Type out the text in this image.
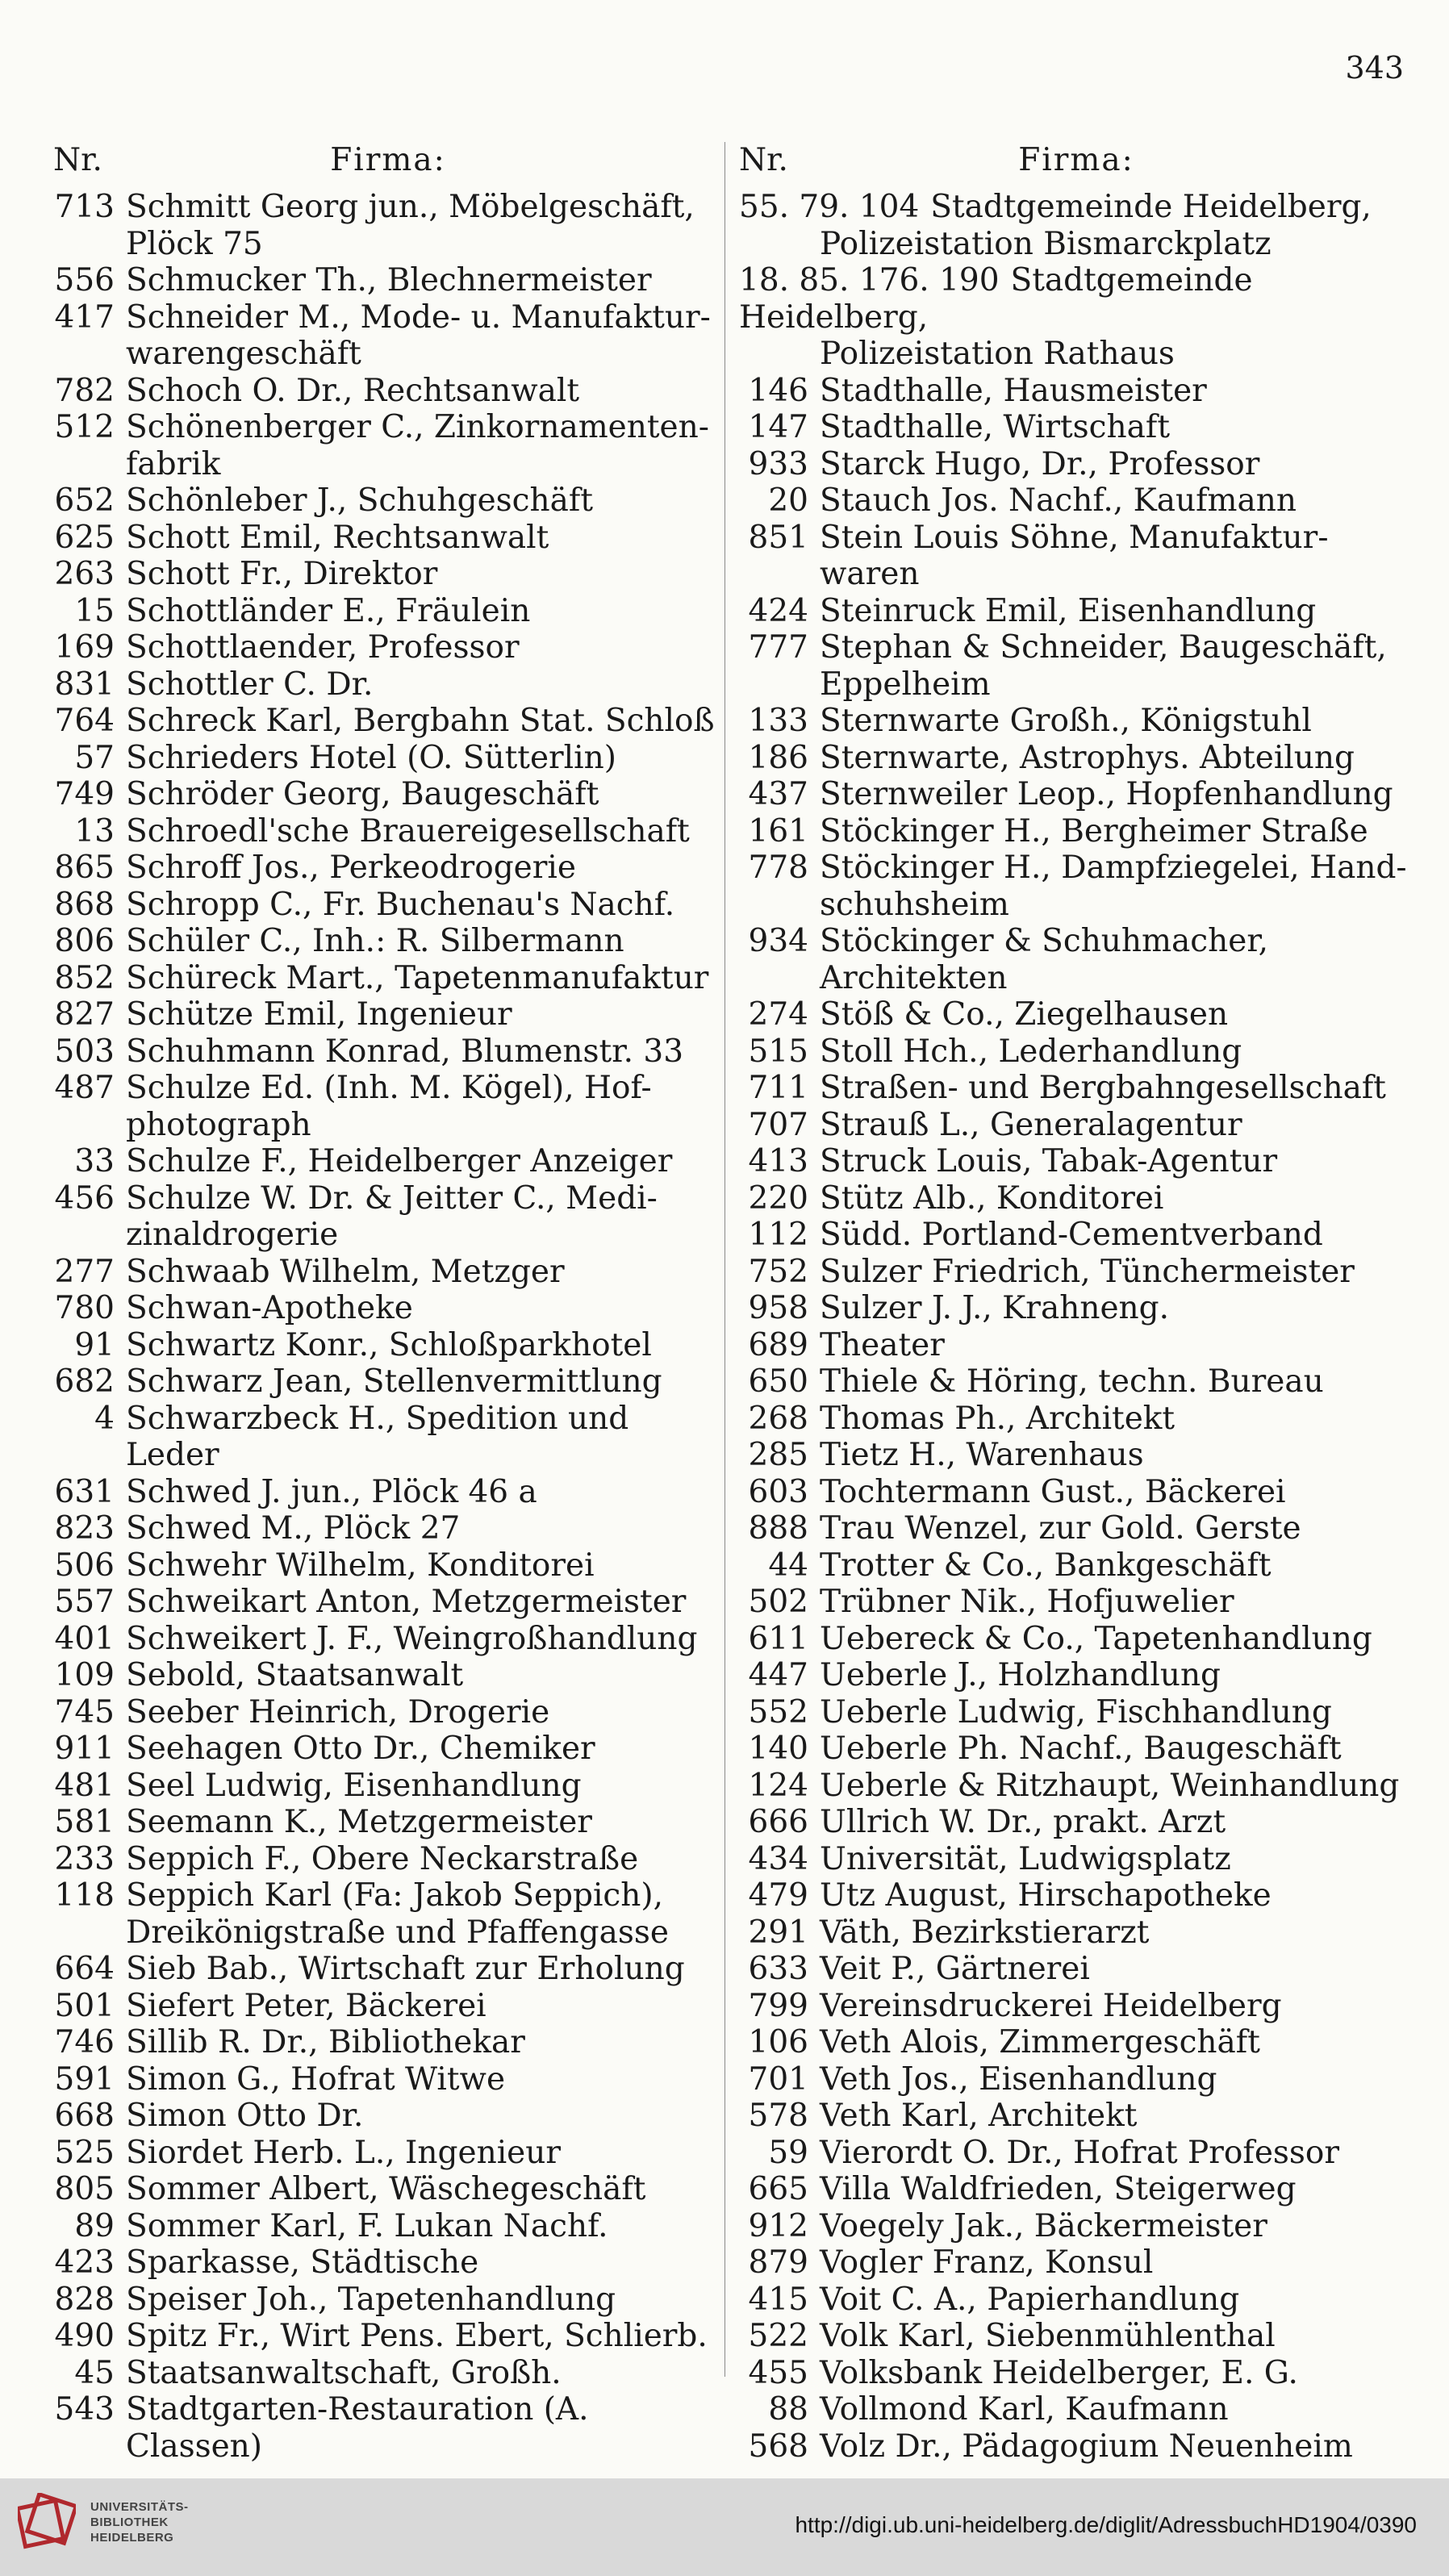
343
Nr.	Firma:
713 Schmitt Georg jun., Möbelgeschäft, Plöck 75
556 Schmucker Th., Blechnermeister
417 Schneider M., Mode- u. Manufaktur-warengeschäft
782 Schoch O. Dr., Rechtsanwalt
512 Schönenberger C., Zinkornamenten-fabrik
652 Schönleber J., Schuhgeschäft
625 Schott Emil, Rechtsanwalt
263 Schott Fr., Direktor
15 Schottländer E., Fräulein
169 Schottlaender, Professor
831 Schottler C. Dr.
764 Schreck Karl, Bergbahn Stat. Schloß
57 Schrieders Hotel (O. Sütterlin)
749 Schröder Georg, Baugeschäft
13 Schroedl'sche Brauereigesellschaft
865 Schroff Jos., Perkeodrogerie
868 Schropp C., Fr. Buchenau's Nachf.
806 Schüler C., Inh.: R. Silbermann
852 Schüreck Mart., Tapetenmanufaktur
827 Schütze Emil, Ingenieur
503 Schuhmann Konrad, Blumenstr. 33
487 Schulze Ed. (Inh. M. Kögel), Hof-photograph
33 Schulze F., Heidelberger Anzeiger
456 Schulze W. Dr. & Jeitter C., Medi-zinaldrogerie
277 Schwaab Wilhelm, Metzger
780 Schwan-Apotheke
91 Schwartz Konr., Schloßparkhotel
682 Schwarz Jean, Stellenvermittlung
4 Schwarzbeck H., Spedition und Leder
631 Schwed J. jun., Plöck 46 a
823 Schwed M., Plöck 27
506 Schwehr Wilhelm, Konditorei
557 Schweikart Anton, Metzgermeister
401 Schweikert J. F., Weingroßhandlung
109 Sebold, Staatsanwalt
745 Seeber Heinrich, Drogerie
911 Seehagen Otto Dr., Chemiker
481 Seel Ludwig, Eisenhandlung
581 Seemann K., Metzgermeister
233 Seppich F., Obere Neckarstraße
118 Seppich Karl (Fa: Jakob Seppich), Dreikönigstraße und Pfaffengasse
664 Sieb Bab., Wirtschaft zur Erholung
501 Siefert Peter, Bäckerei
746 Sillib R. Dr., Bibliothekar
591 Simon G., Hofrat Witwe
668 Simon Otto Dr.
525 Siordet Herb. L., Ingenieur
805 Sommer Albert, Wäschegeschäft
89 Sommer Karl, F. Lukan Nachf.
423 Sparkasse, Städtische
828 Speiser Joh., Tapetenhandlung
490 Spitz Fr., Wirt Pens. Ebert, Schlierb.
45 Staatsanwaltschaft, Großh.
543 Stadtgarten-Restauration (A. Classen)
Nr.	Firma:
55. 79. 104 Stadtgemeinde Heidelberg,
Polizeistation Bismarckplatz
18. 85. 176. 190 Stadtgemeinde Heidelberg,
Polizeistation Rathaus
146 Stadthalle, Hausmeister
147 Stadthalle, Wirtschaft
933 Starck Hugo, Dr., Professor
20 Stauch Jos. Nachf., Kaufmann
851 Stein Louis Söhne, Manufaktur-waren
424 Steinruck Emil, Eisenhandlung
777 Stephan & Schneider, Baugeschäft, Eppelheim
133 Sternwarte Großh., Königstuhl
186 Sternwarte, Astrophys. Abteilung
437 Sternweiler Leop., Hopfenhandlung
161 Stöckinger H., Bergheimer Straße
778 Stöckinger H., Dampfziegelei, Hand-schuhsheim
934 Stöckinger & Schuhmacher, Architekten
274 Stöß & Co., Ziegelhausen
515 Stoll Hch., Lederhandlung
711 Straßen- und Bergbahngesellschaft
707 Strauß L., Generalagentur
413 Struck Louis, Tabak-Agentur
220 Stütz Alb., Konditorei
112 Südd. Portland-Cementverband
752 Sulzer Friedrich, Tünchermeister
958 Sulzer J. J., Krahneng.
689 Theater
650 Thiele & Höring, techn. Bureau
268 Thomas Ph., Architekt
285 Tietz H., Warenhaus
603 Tochtermann Gust., Bäckerei
888 Trau Wenzel, zur Gold. Gerste
44 Trotter & Co., Bankgeschäft
502 Trübner Nik., Hofjuwelier
611 Uebereck & Co., Tapetenhandlung
447 Ueberle J., Holzhandlung
552 Ueberle Ludwig, Fischhandlung
140 Ueberle Ph. Nachf., Baugeschäft
124 Ueberle & Ritzhaupt, Weinhandlung
666 Ullrich W. Dr., prakt. Arzt
434 Universität, Ludwigsplatz
479 Utz August, Hirschapotheke
291 Väth, Bezirkstierarzt
633 Veit P., Gärtnerei
799 Vereinsdruckerei Heidelberg
106 Veth Alois, Zimmergeschäft
701 Veth Jos., Eisenhandlung
578 Veth Karl, Architekt
59 Vierordt O. Dr., Hofrat Professor
665 Villa Waldfrieden, Steigerweg
912 Voegely Jak., Bäckermeister
879 Vogler Franz, Konsul
415 Voit C. A., Papierhandlung
522 Volk Karl, Siebenmühlenthal
455 Volksbank Heidelberger, E. G.
88 Vollmond Karl, Kaufmann
568 Volz Dr., Pädagogium Neuenheim
UNIVERSITÄTS-
BIBLIOTHEK
HEIDELBERG	http://digi.ub.uni-heidelberg.de/diglit/AdressbuchHD1904/0390
